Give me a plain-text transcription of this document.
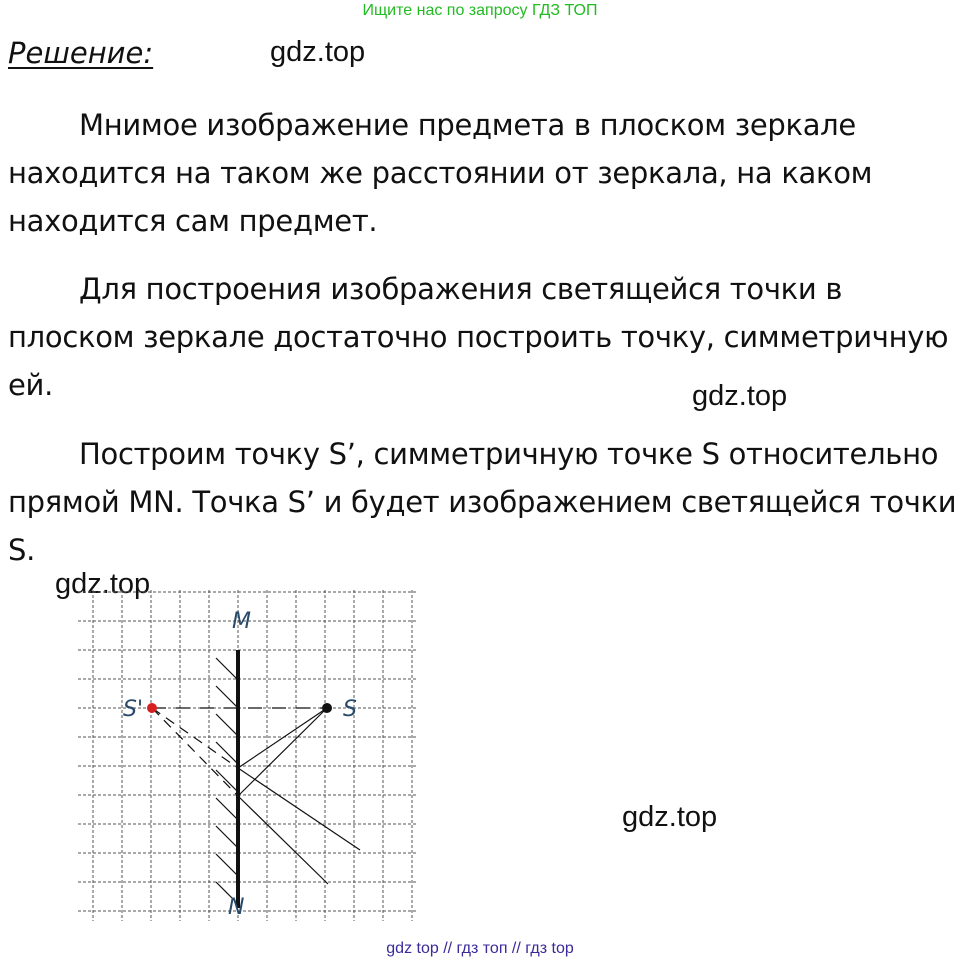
Ищите нас по запросу ГДЗ ТОП
Решение:	gdz.top

Мнимое изображение предмета в плоском зеркале находится на таком же расстоянии от зеркала, на каком находится сам предмет.

Для построения изображения светящейся точки в плоском зеркале достаточно построить точку, симметричную ей.	gdz.top

Построим точку S’, симметричную точке S относительно прямой MN. Точка S’ и будет изображением светящейся точки S.

gdz.top
M
N
S
S'
gdz.top
gdz top // гдз топ // гдз top
